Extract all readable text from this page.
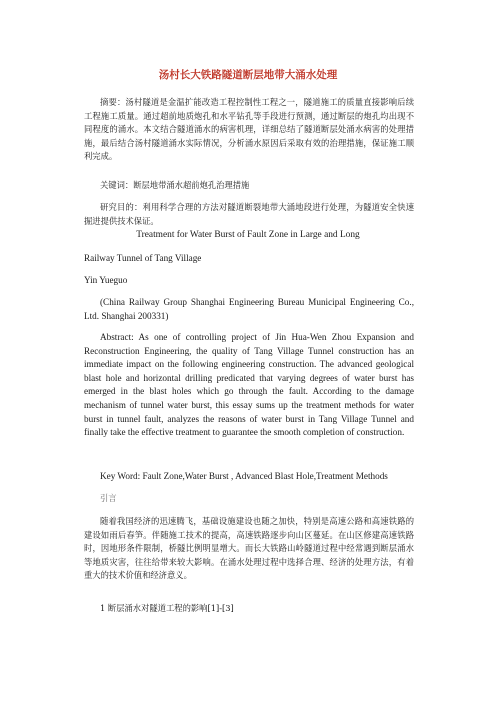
汤村长大铁路隧道断层地带大涌水处理

摘要：汤村隧道是金温扩能改造工程控制性工程之一，隧道施工的质量直接影响后续工程施工质量。通过超前地质炮孔和水平钻孔等手段进行预测，通过断层的炮孔均出现不同程度的涌水。本文结合隧道涌水的病害机理，详细总结了隧道断层处涌水病害的处理措施，最后结合汤村隧道涌水实际情况，分析涌水原因后采取有效的治理措施，保证施工顺利完成。

关键词：断层地带涌水超前炮孔治理措施

研究目的：利用科学合理的方法对隧道断裂地带大涌地段进行处理，为隧道安全快速掘进提供技术保证。

Treatment for Water Burst of Fault Zone in Large and Long

Railway Tunnel of Tang Village

Yin Yueguo

(China Railway Group Shanghai Engineering Bureau Municipal Engineering Co., Ltd. Shanghai 200331)

Abstract: As one of controlling project of Jin Hua-Wen Zhou Expansion and Reconstruction Engineering, the quality of Tang Village Tunnel construction has an immediate impact on the following engineering construction. The advanced geological blast hole and horizontal drilling predicated that varying degrees of water burst has emerged in the blast holes which go through the fault. According to the damage mechanism of tunnel water burst, this essay sums up the treatment methods for water burst in tunnel fault, analyzes the reasons of water burst in Tang Village Tunnel and finally take the effective treatment to guarantee the smooth completion of construction.

Key Word: Fault Zone,Water Burst , Advanced Blast Hole,Treatment Methods

引言

随着我国经济的迅速腾飞，基础设施建设也随之加快，特别是高速公路和高速铁路的建设如雨后春笋。伴随施工技术的提高，高速铁路逐步向山区蔓延。在山区修建高速铁路时，因地形条件限制，桥隧比例明显增大。而长大铁路山岭隧道过程中经常遇到断层涌水等地质灾害，往往给带来较大影响。在涌水处理过程中选择合理、经济的处理方法，有着重大的技术价值和经济意义。

1 断层涌水对隧道工程的影响[1]-[3]
